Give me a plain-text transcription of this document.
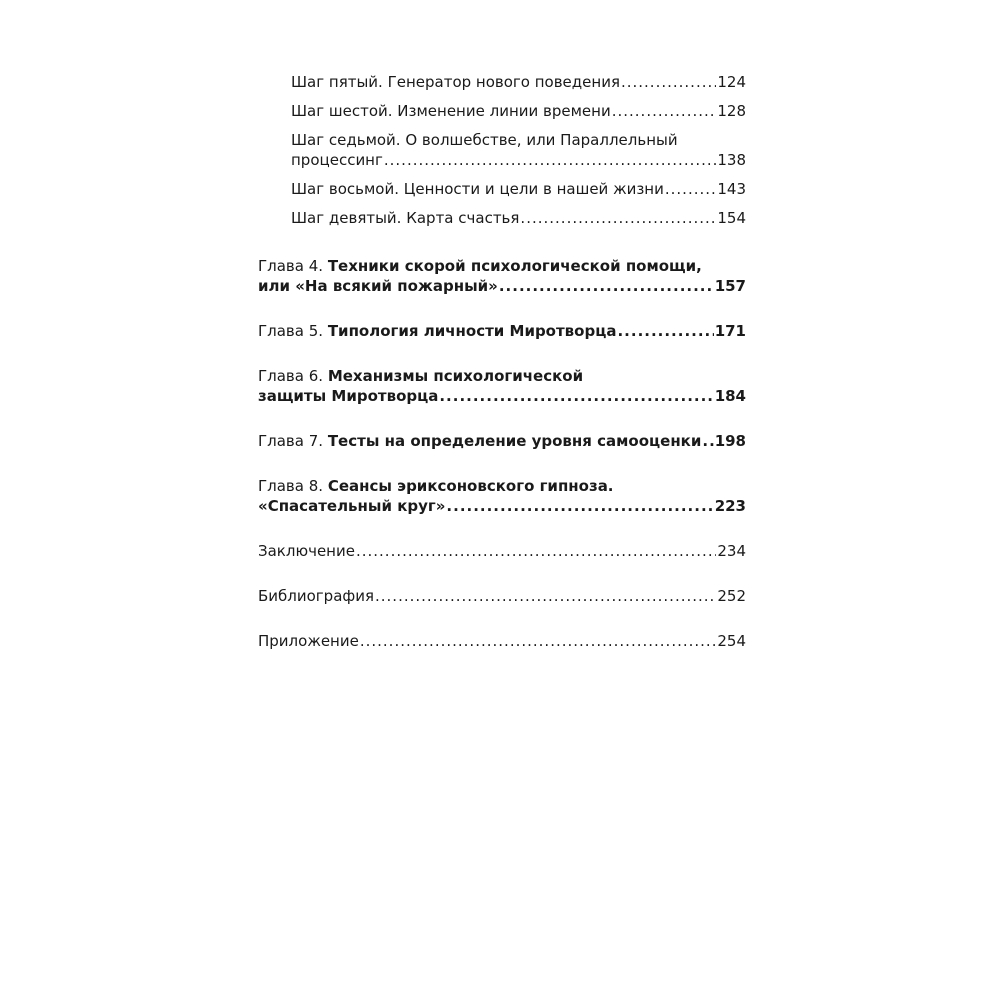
Шаг пятый. Генератор нового поведения .....	124
Шаг шестой. Изменение линии времени .....	128
Шаг седьмой. О волшебстве, или Параллельный
процессинг .....	138
Шаг восьмой. Ценности и цели в нашей жизни .....	143
Шаг девятый. Карта счастья .....	154
Глава 4. Техники скорой психологической помощи,
или «На всякий пожарный» .....	157
Глава 5. Типология личности Миротворца .....	171
Глава 6. Механизмы психологической
защиты Миротворца .....	184
Глава 7. Тесты на определение уровня самооценки ..... 198
Глава 8. Сеансы эриксоновского гипноза.
«Спасательный круг» .....	223
Заключение .....	234
Библиография .....	252
Приложение .....	254
